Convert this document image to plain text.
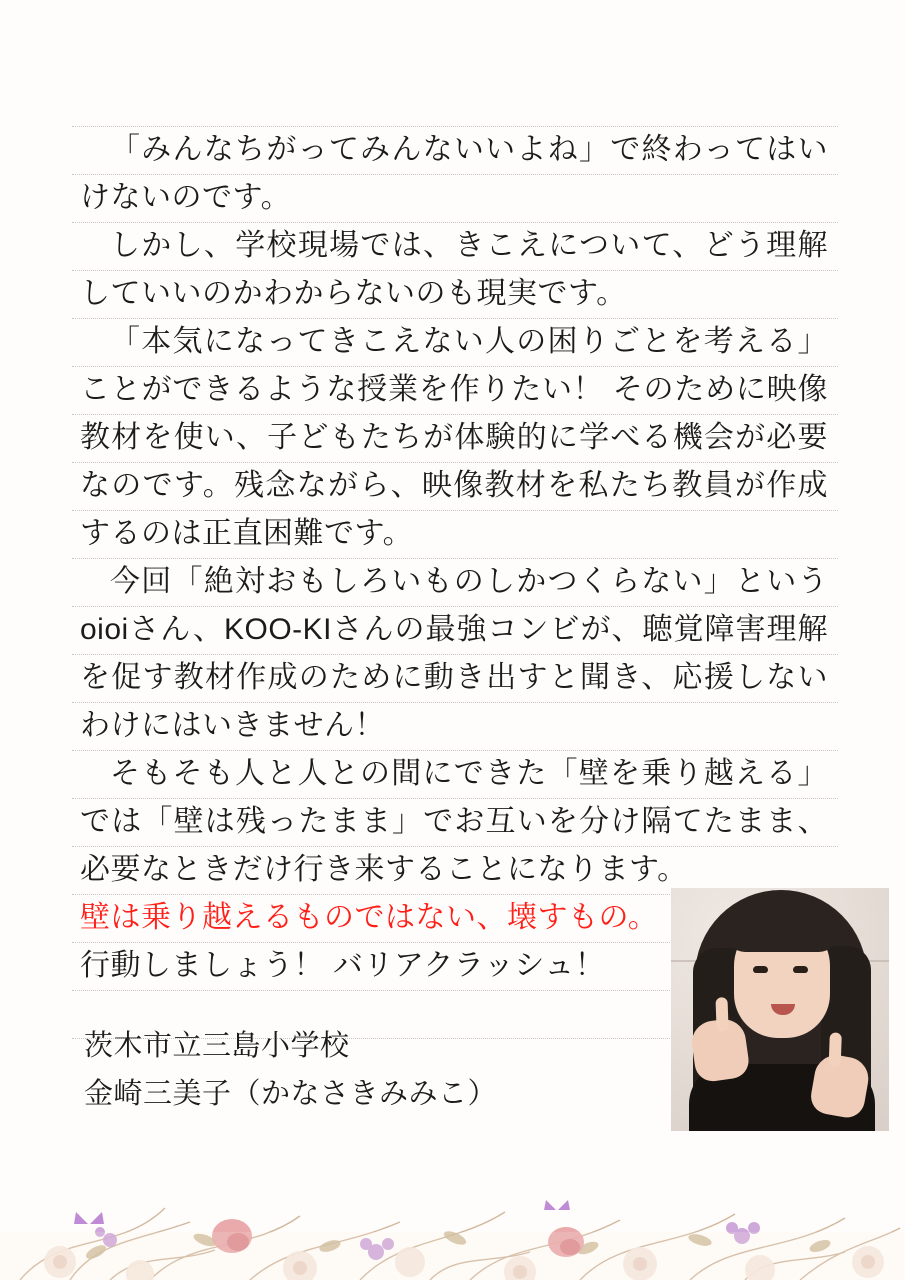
「みんなちがってみんないいよね」で終わってはいけないのです。

しかし、学校現場では、きこえについて、どう理解していいのかわからないのも現実です。

「本気になってきこえない人の困りごとを考える」ことができるような授業を作りたい！ そのために映像教材を使い、子どもたちが体験的に学べる機会が必要なのです。残念ながら、映像教材を私たち教員が作成するのは正直困難です。

今回「絶対おもしろいものしかつくらない」というoioiさん、KOO-KIさんの最強コンビが、聴覚障害理解を促す教材作成のために動き出すと聞き、応援しないわけにはいきません！

そもそも人と人との間にできた「壁を乗り越える」では「壁は残ったまま」でお互いを分け隔てたまま、必要なときだけ行き来することになります。

壁は乗り越えるものではない、壊すもの。

行動しましょう！ バリアクラッシュ！

茨木市立三島小学校
金崎三美子（かなさきみみこ）
